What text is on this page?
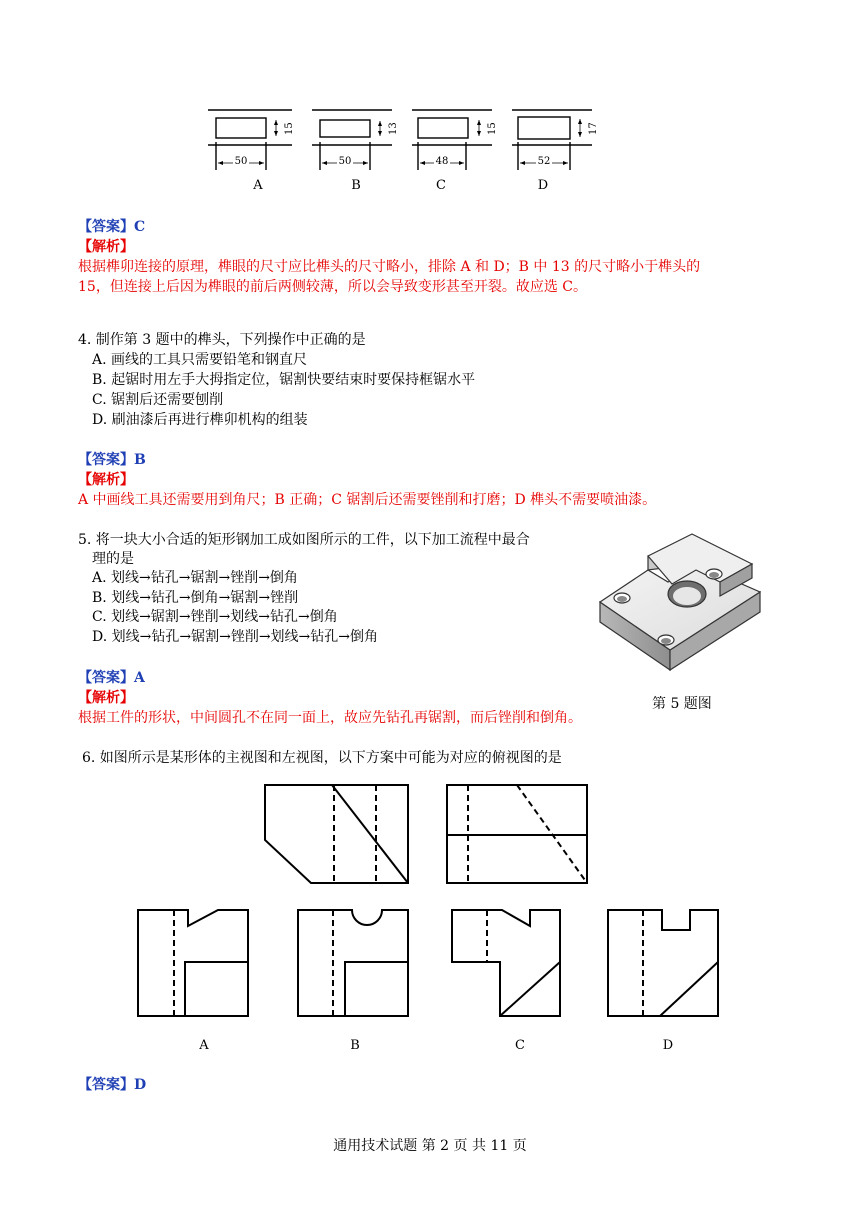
50
15
50
13
48
15
52
17
A	B	C	D
【答案】C
【解析】
根据榫卯连接的原理，榫眼的尺寸应比榫头的尺寸略小，排除 A 和 D；B 中 13 的尺寸略小于榫头的
15，但连接上后因为榫眼的前后两侧较薄，所以会导致变形甚至开裂。故应选 C。
4. 制作第 3 题中的榫头，下列操作中正确的是
A. 画线的工具只需要铅笔和钢直尺
B. 起锯时用左手大拇指定位，锯割快要结束时要保持框锯水平
C. 锯割后还需要刨削
D. 刷油漆后再进行榫卯机构的组装
【答案】B
【解析】
A 中画线工具还需要用到角尺；B 正确；C 锯割后还需要锉削和打磨；D 榫头不需要喷油漆。
5. 将一块大小合适的矩形钢加工成如图所示的工件，以下加工流程中最合
理的是
A. 划线→钻孔→锯割→锉削→倒角
B. 划线→钻孔→倒角→锯割→锉削
C. 划线→锯割→锉削→划线→钻孔→倒角
D. 划线→钻孔→锯割→锉削→划线→钻孔→倒角
第 5 题图
【答案】A
【解析】
根据工件的形状，中间圆孔不在同一面上，故应先钻孔再锯割，而后锉削和倒角。
6. 如图所示是某形体的主视图和左视图，以下方案中可能为对应的俯视图的是
A	B	C	D
【答案】D
通用技术试题 第 2 页 共 11 页
